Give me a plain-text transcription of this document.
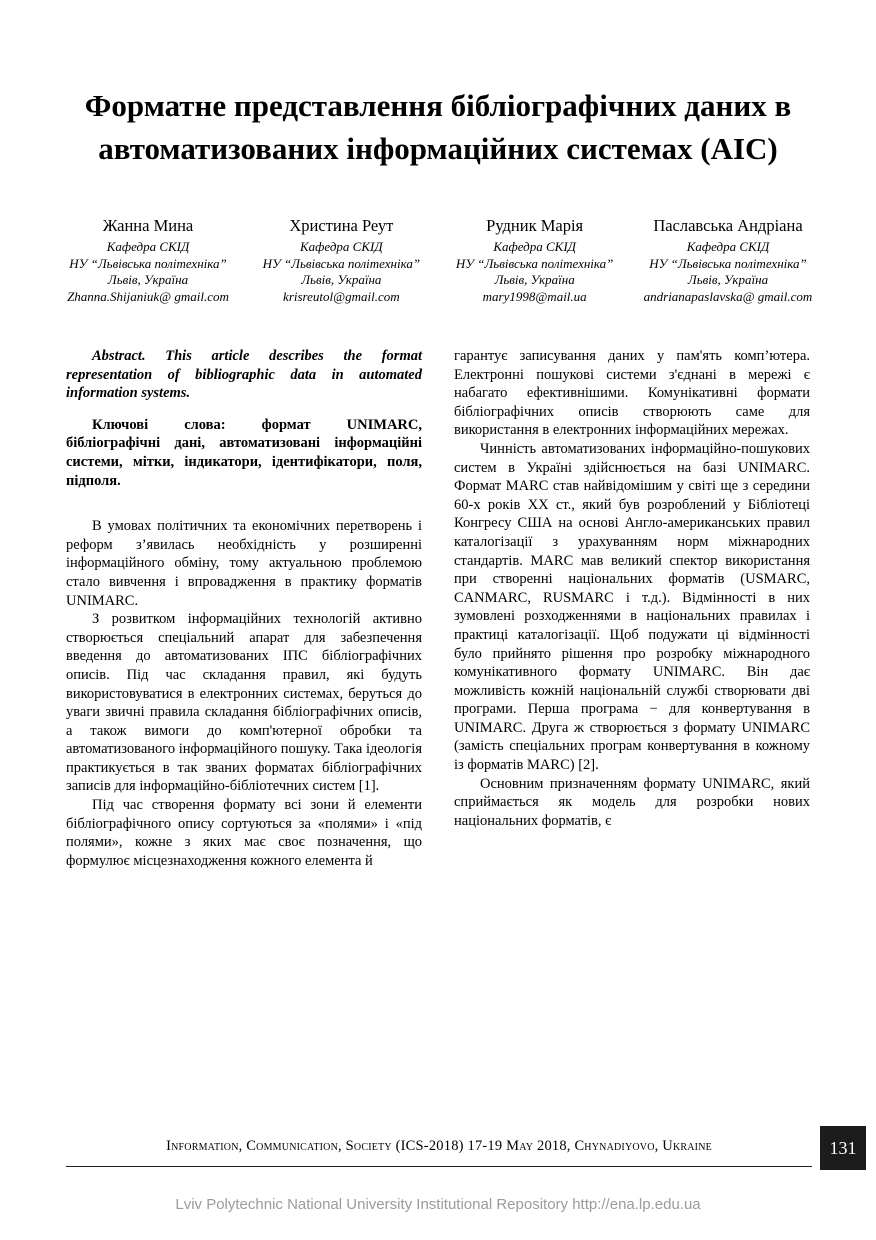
Форматне представлення бібліографічних даних в автоматизованих інформаційних системах (АІС)
Жанна Мина
Кафедра СКІД
НУ “Львівська політехніка”
Львів, Україна
Zhanna.Shijaniuk@ gmail.com
Христина Реут
Кафедра СКІД
НУ “Львівська політехніка”
Львів, Україна
krisreutol@gmail.com
Рудник Марія
Кафедра СКІД
НУ “Львівська політехніка”
Львів, Україна
mary1998@mail.ua
Паславська Андріана
Кафедра СКІД
НУ “Львівська політехніка”
Львів, Україна
andrianapaslavska@ gmail.com

Abstract. This article describes the format representation of bibliographic data in automated information systems.

Ключові слова: формат UNIMARC, бібліографічні дані, автоматизовані інформаційні системи, мітки, індикатори, ідентифікатори, поля, підполя.

В умовах політичних та економічних перетворень і реформ з’явилась необхідність у розширенні інформаційного обміну, тому актуальною проблемою стало вивчення і впровадження в практику форматів UNIMARC.

З розвитком інформаційних технологій активно створюється спеціальний апарат для забезпечення введення до автоматизованих ІПС бібліографічних описів. Під час складання правил, які будуть використовуватися в електронних системах, беруться до уваги звичні правила складання бібліографічних описів, а також вимоги до комп'ютерної обробки та автоматизованого інформаційного пошуку. Така ідеологія практикується в так званих форматах бібліографічних записів для інформаційно-бібліотечних систем [1].

Під час створення формату всі зони й елементи бібліографічного опису сортуються за «полями» і «під полями», кожне з яких має своє позначення, що формулює місцезнаходження кожного елемента й

гарантує записування даних у пам'ять комп’ютера. Електронні пошукові системи з'єднані в мережі є набагато ефективнішими. Комунікативні формати бібліографічних описів створюють саме для використання в електронних інформаційних мережах.

Чинність автоматизованих інформаційно-пошукових систем в Україні здійснюється на базі UNIMARC. Формат MARC став найвідомішим у світі ще з середини 60-х років XX ст., який був розроблений у Бібліотеці Конгресу США на основі Англо-американських правил каталогізації з урахуванням норм міжнародних стандартів. MARC мав великий спектор використання при створенні національних форматів (USMARC, CANMARC, RUSMARC і т.д.). Відмінності в них зумовлені розходженнями в національних правилах і практиці каталогізації. Щоб подужати ці відмінності було прийнято рішення про розробку міжнародного комунікативного формату UNIMARC. Він дає можливість кожній національній службі створювати дві програми. Перша програма − для конвертування в UNIMARC. Друга ж створюється з формату UNIMARC (замість спеціальних програм конвертування в кожному із форматів MARC) [2].

Основним призначенням формату UNIMARC, який сприймається як модель для розробки нових національних форматів, є

Information, Communication, Society (ICS-2018) 17-19 May 2018, Chynadiyovo, Ukraine	131
Lviv Polytechnic National University Institutional Repository http://ena.lp.edu.ua
